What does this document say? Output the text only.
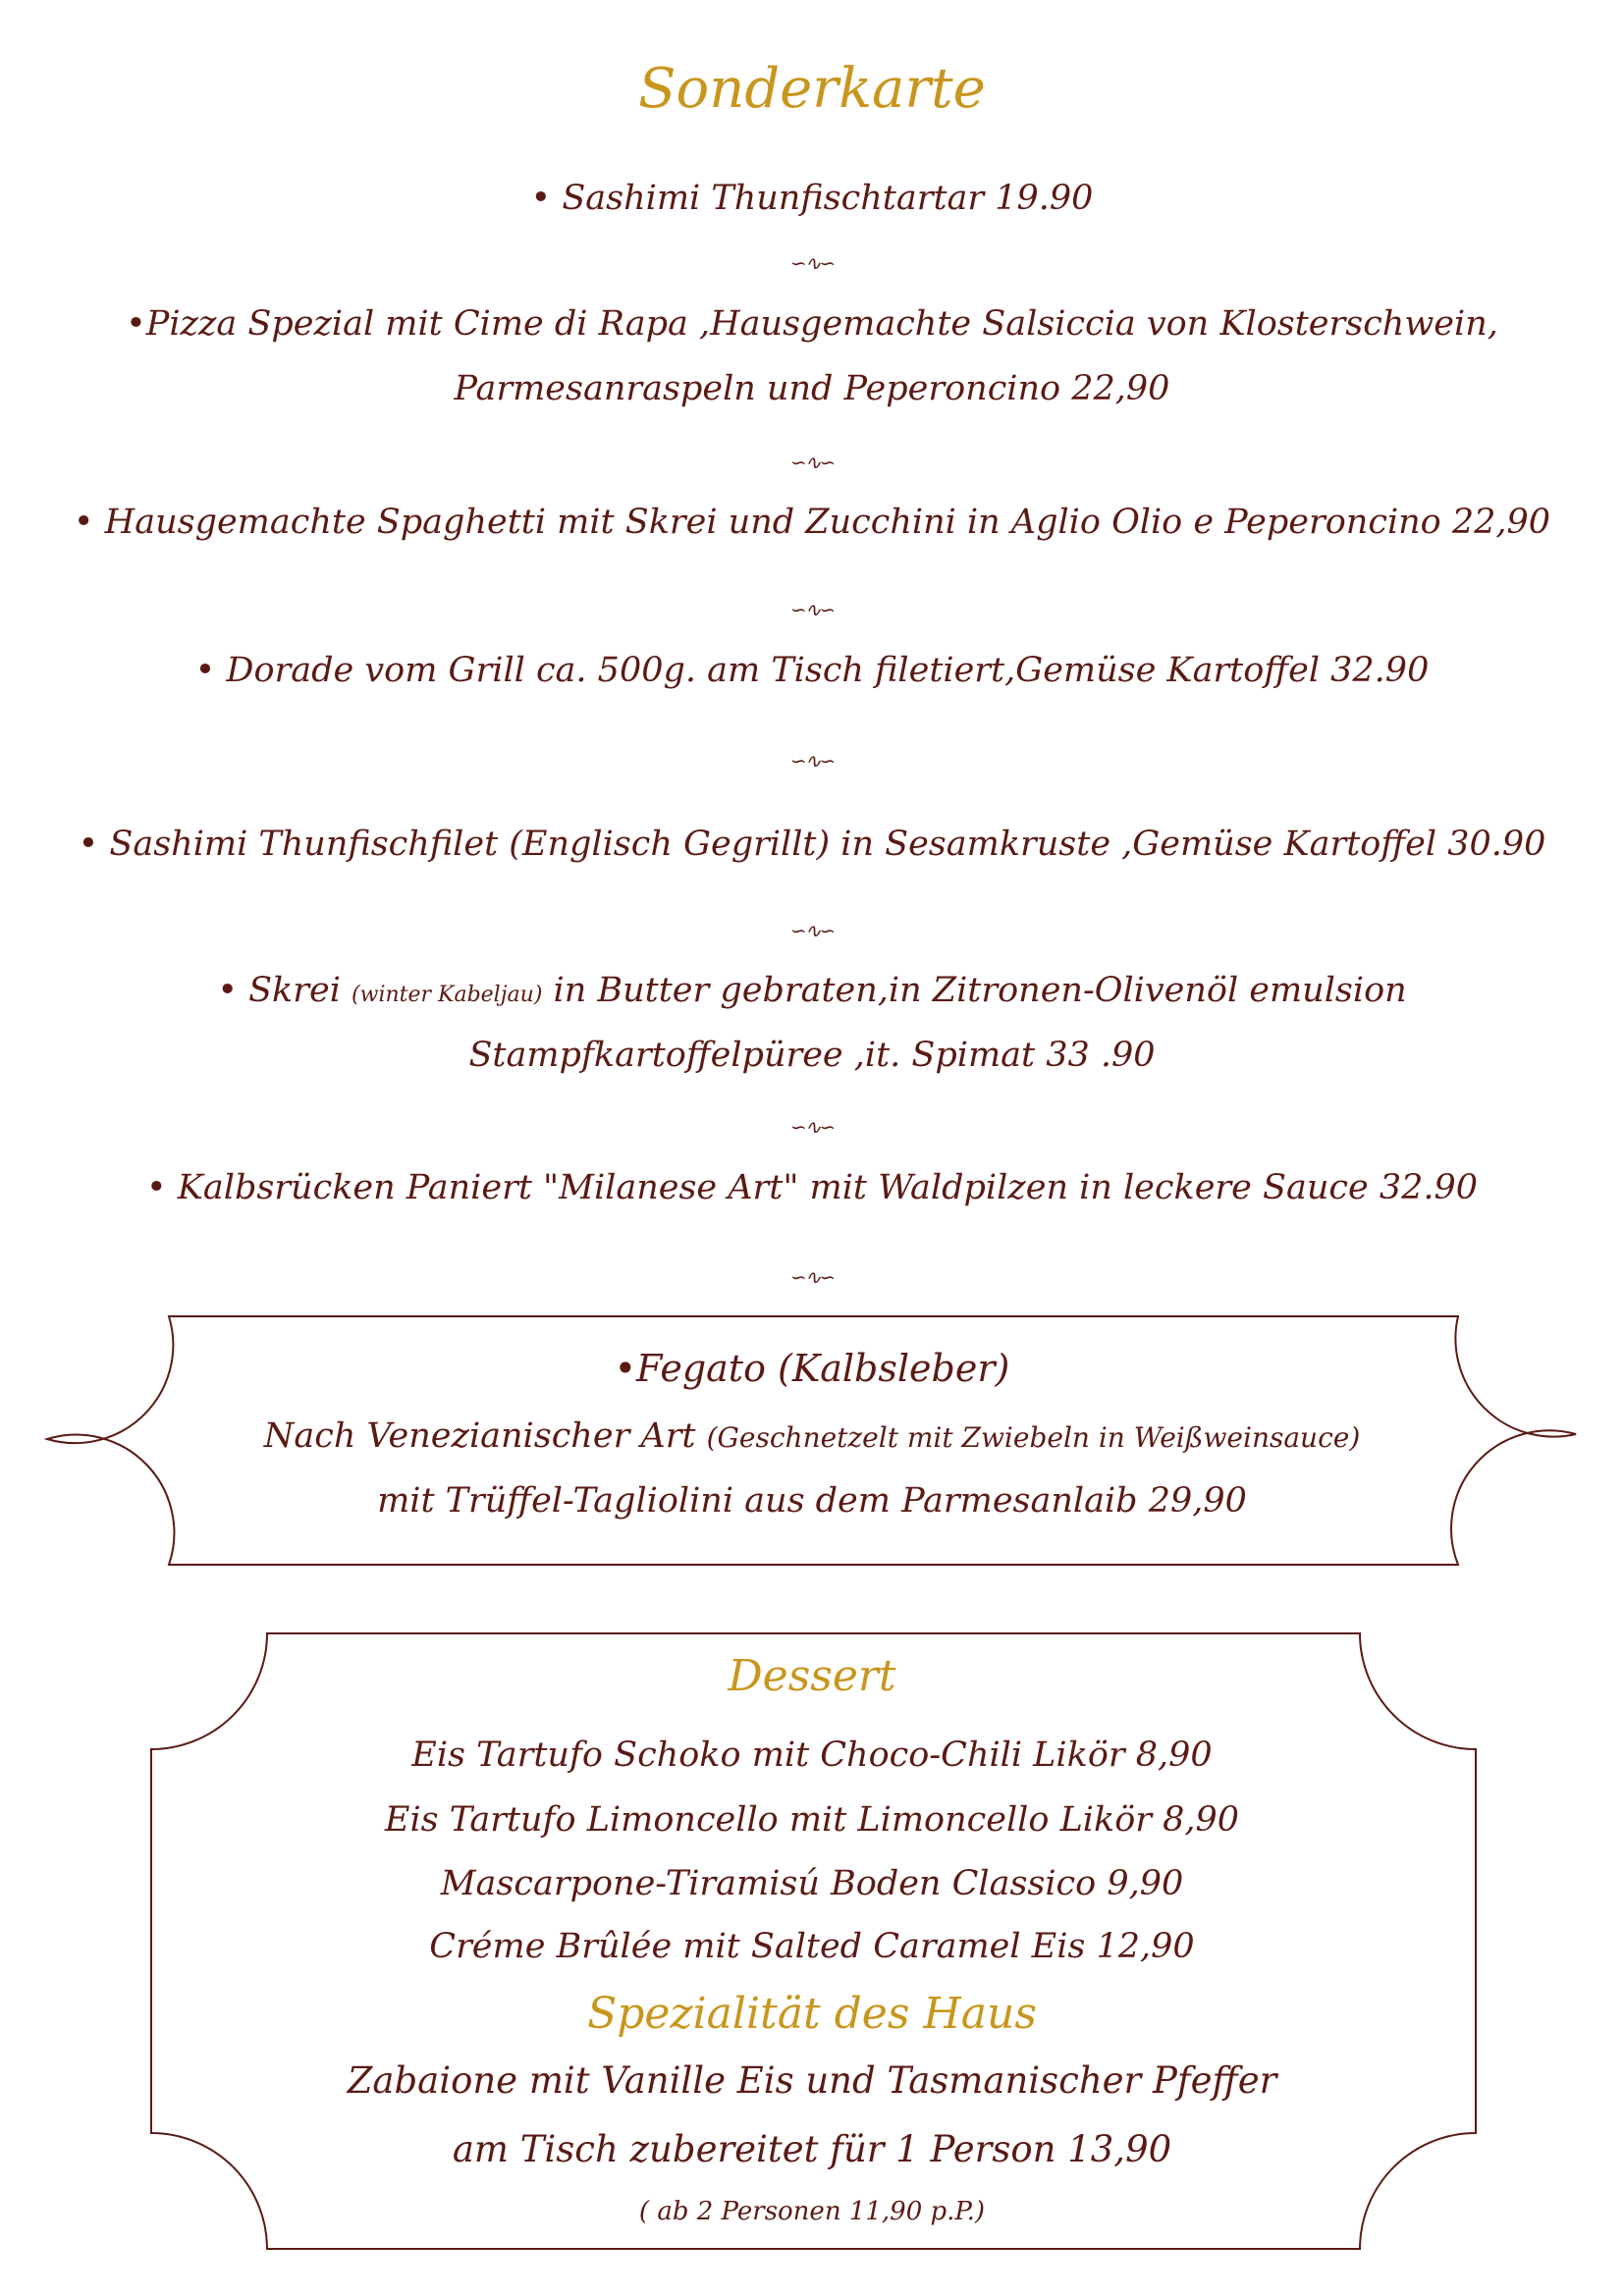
Sonderkarte
• Sashimi Thunfischtartar 19.90
∽∿∽
•Pizza Spezial mit Cime di Rapa ,Hausgemachte Salsiccia von Klosterschwein,
Parmesanraspeln und Peperoncino 22,90
∽∿∽
• Hausgemachte Spaghetti mit Skrei und Zucchini in Aglio Olio e Peperoncino 22,90
∽∿∽
• Dorade vom Grill ca. 500g. am Tisch filetiert,Gemüse Kartoffel 32.90
∽∿∽
• Sashimi Thunfischfilet (Englisch Gegrillt) in Sesamkruste ,Gemüse Kartoffel 30.90
∽∿∽
• Skrei (winter Kabeljau) in Butter gebraten,in Zitronen-Olivenöl emulsion
Stampfkartoffelpüree ,it. Spimat 33 .90
∽∿∽
• Kalbsrücken Paniert "Milanese Art" mit Waldpilzen in leckere Sauce 32.90
∽∿∽
•Fegato (Kalbsleber)
Nach Venezianischer Art (Geschnetzelt mit Zwiebeln in Weißweinsauce)
mit Trüffel-Tagliolini aus dem Parmesanlaib 29,90
Dessert
Eis Tartufo Schoko mit Choco-Chili Likör 8,90
Eis Tartufo Limoncello mit Limoncello Likör 8,90
Mascarpone-Tiramisú Boden Classico 9,90
Créme Brûlée mit Salted Caramel Eis 12,90
Spezialität des Haus
Zabaione mit Vanille Eis und Tasmanischer Pfeffer
am Tisch zubereitet für 1 Person 13,90
( ab 2 Personen 11,90 p.P.)
